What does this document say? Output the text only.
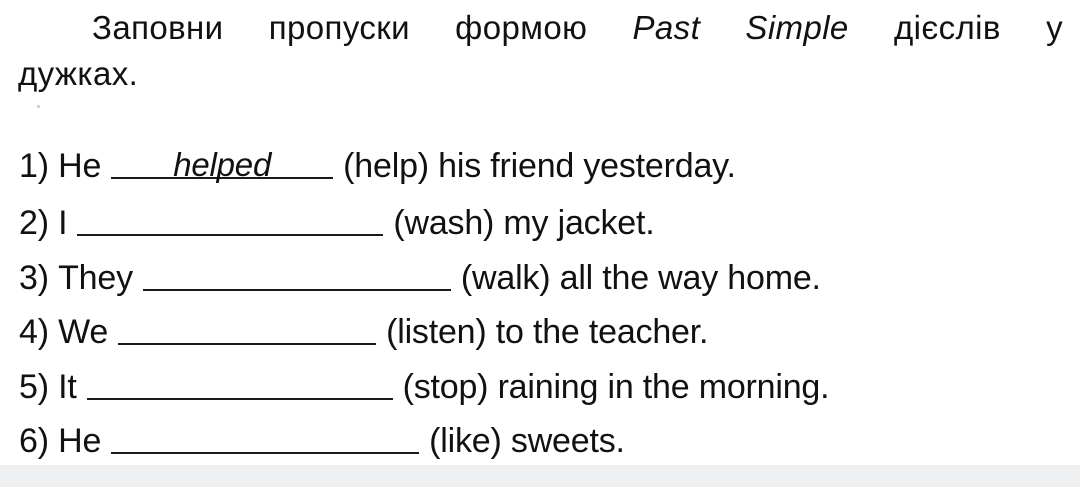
Заповни пропуски формою Past Simple дієслів у
дужках.
1)
He	helped	(help)
his friend yesterday.
2)
I	(wash)
my jacket.
3)
They	(walk)
all the way home.
4)
We	(listen)
to the teacher.
5)
It	(stop)
raining in the morning.
6)
He	(like)
sweets.
